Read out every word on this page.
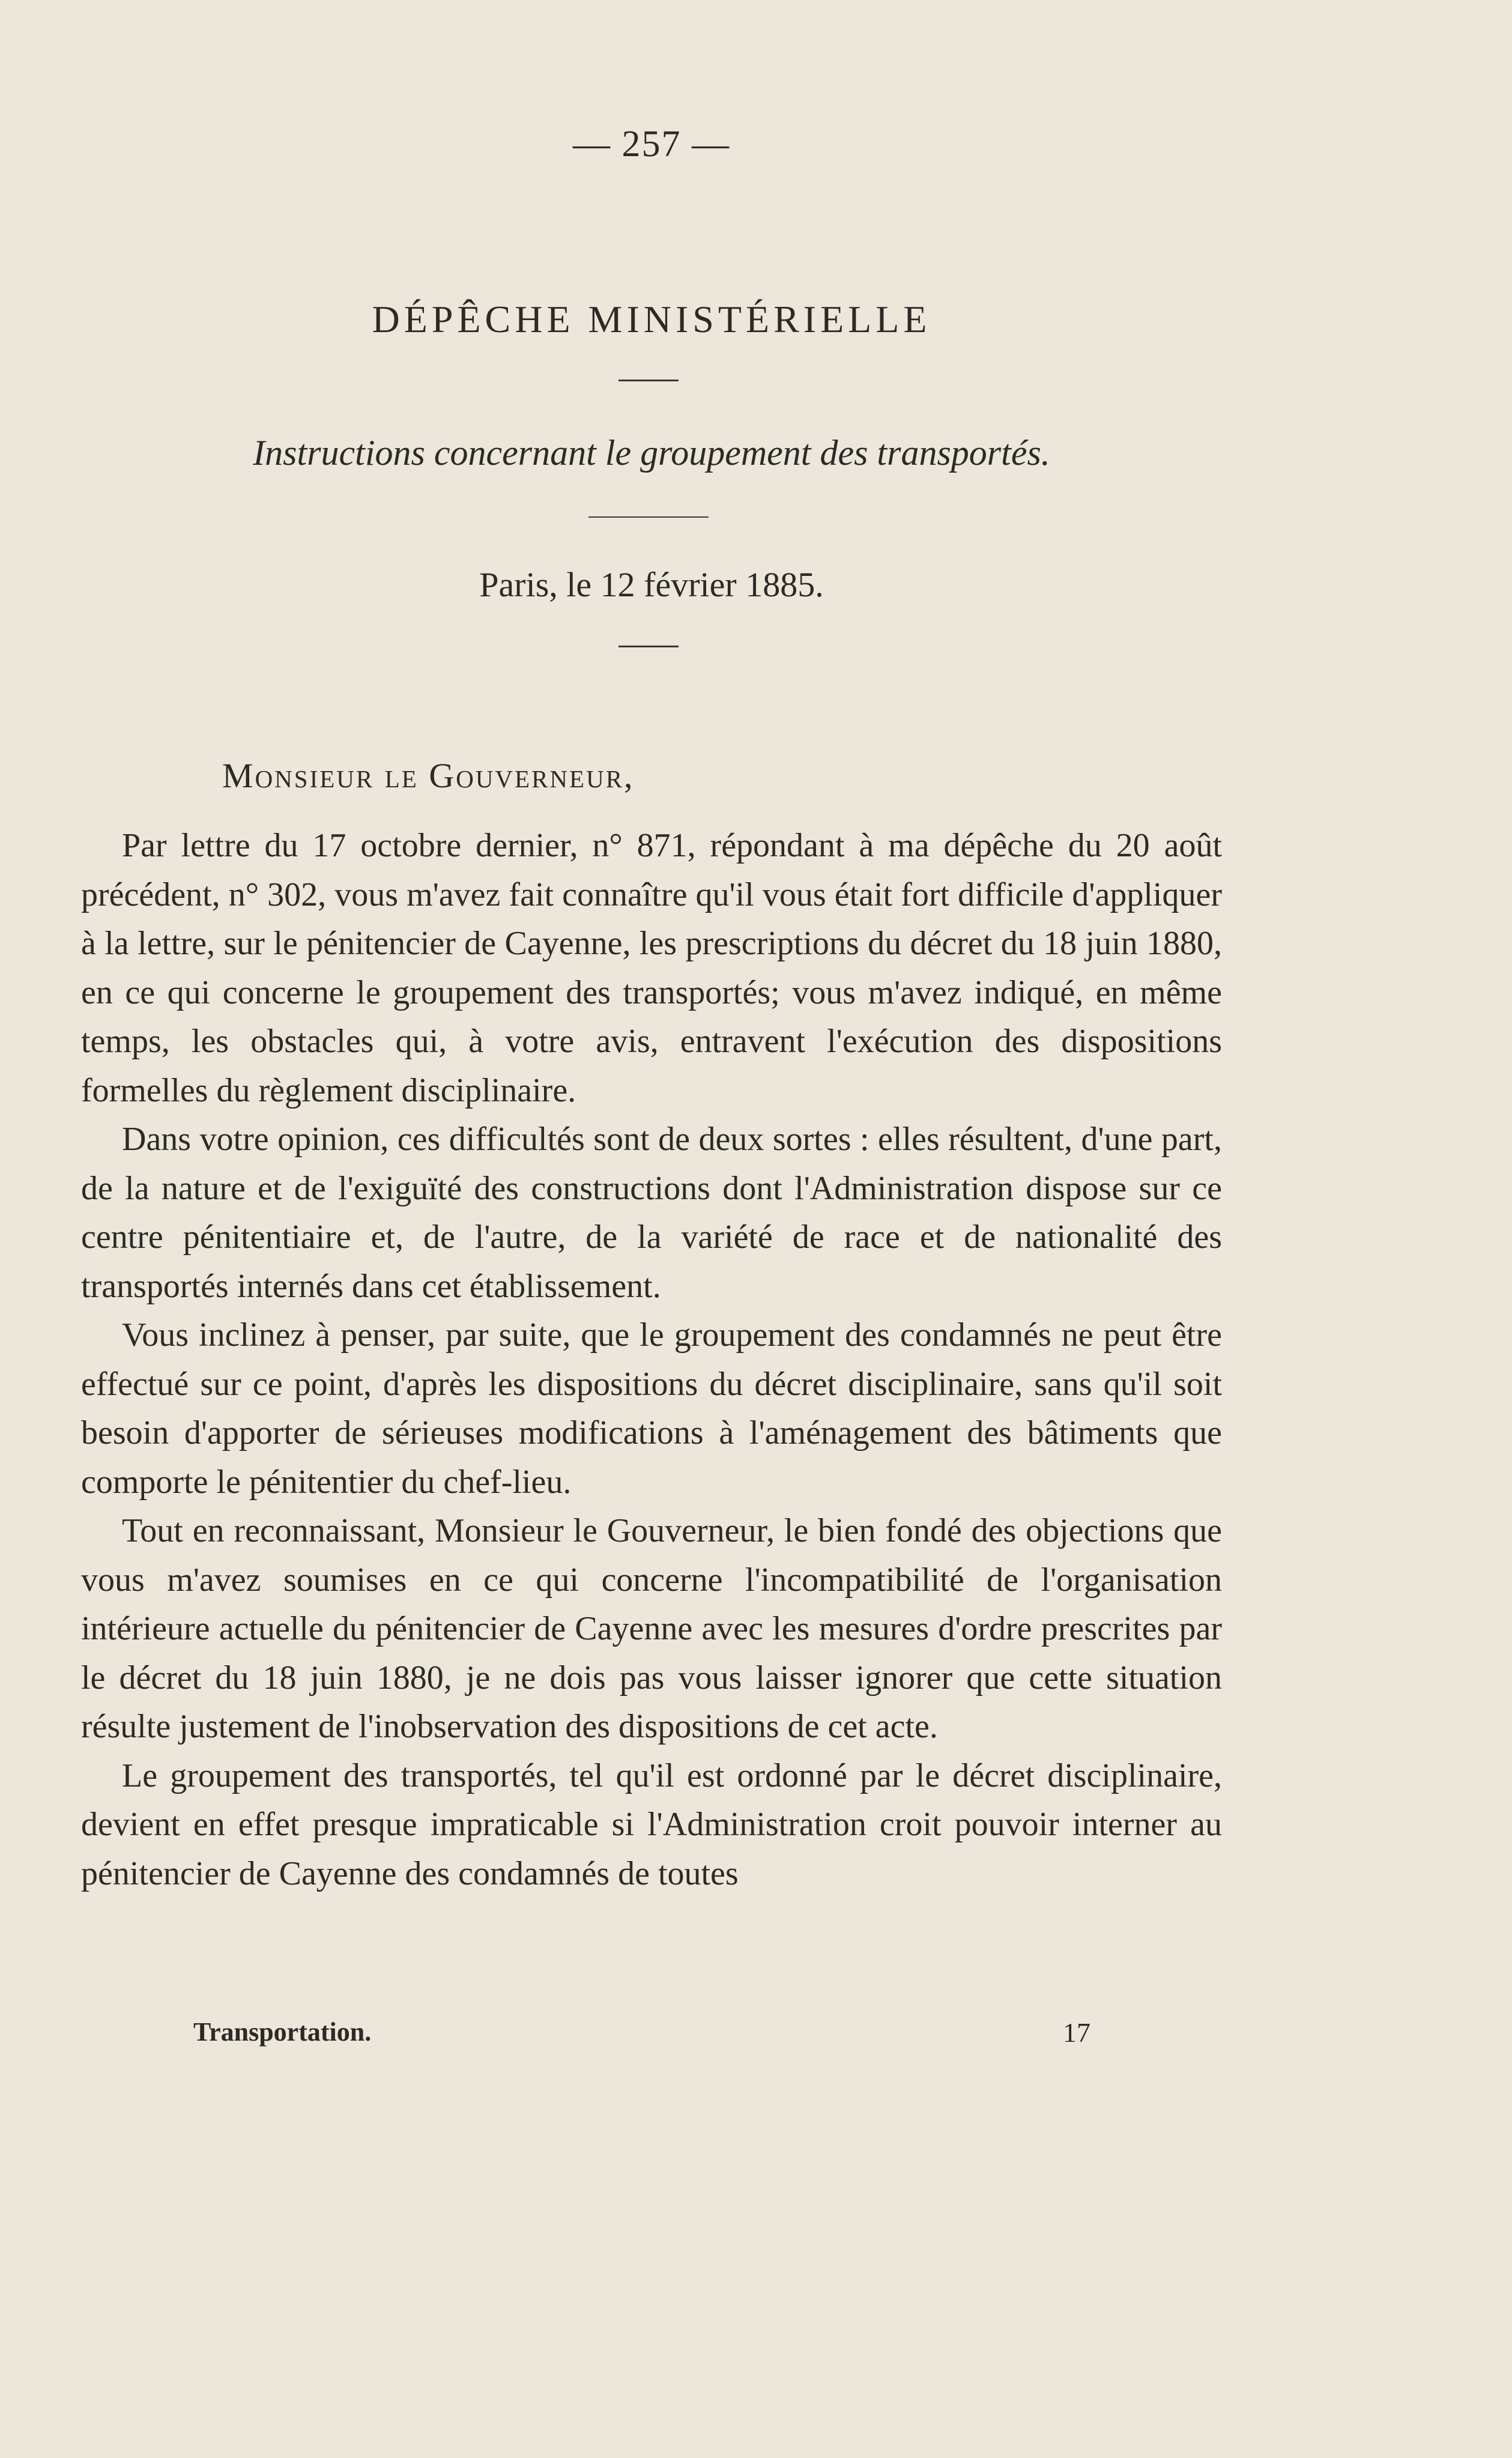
— 257 —
DÉPÊCHE MINISTÉRIELLE
Instructions concernant le groupement des transportés.
Paris, le 12 février 1885.
Monsieur le Gouverneur,

Par lettre du 17 octobre dernier, n° 871, répondant à ma dépêche du 20 août précédent, n° 302, vous m'avez fait connaître qu'il vous était fort difficile d'appliquer à la lettre, sur le pénitencier de Cayenne, les prescriptions du décret du 18 juin 1880, en ce qui concerne le groupement des transportés; vous m'avez indiqué, en même temps, les obstacles qui, à votre avis, entravent l'exécution des dispositions formelles du règlement disciplinaire.

Dans votre opinion, ces difficultés sont de deux sortes : elles résultent, d'une part, de la nature et de l'exiguïté des constructions dont l'Administration dispose sur ce centre pénitentiaire et, de l'autre, de la variété de race et de nationalité des transportés internés dans cet établissement.

Vous inclinez à penser, par suite, que le groupement des condamnés ne peut être effectué sur ce point, d'après les dispositions du décret disciplinaire, sans qu'il soit besoin d'apporter de sérieuses modifications à l'aménagement des bâtiments que comporte le pénitentier du chef-lieu.

Tout en reconnaissant, Monsieur le Gouverneur, le bien fondé des objections que vous m'avez soumises en ce qui concerne l'incompatibilité de l'organisation intérieure actuelle du pénitencier de Cayenne avec les mesures d'ordre prescrites par le décret du 18 juin 1880, je ne dois pas vous laisser ignorer que cette situation résulte justement de l'inobservation des dispositions de cet acte.

Le groupement des transportés, tel qu'il est ordonné par le décret disciplinaire, devient en effet presque impraticable si l'Administration croit pouvoir interner au pénitencier de Cayenne des condamnés de toutes

Transportation.	17
